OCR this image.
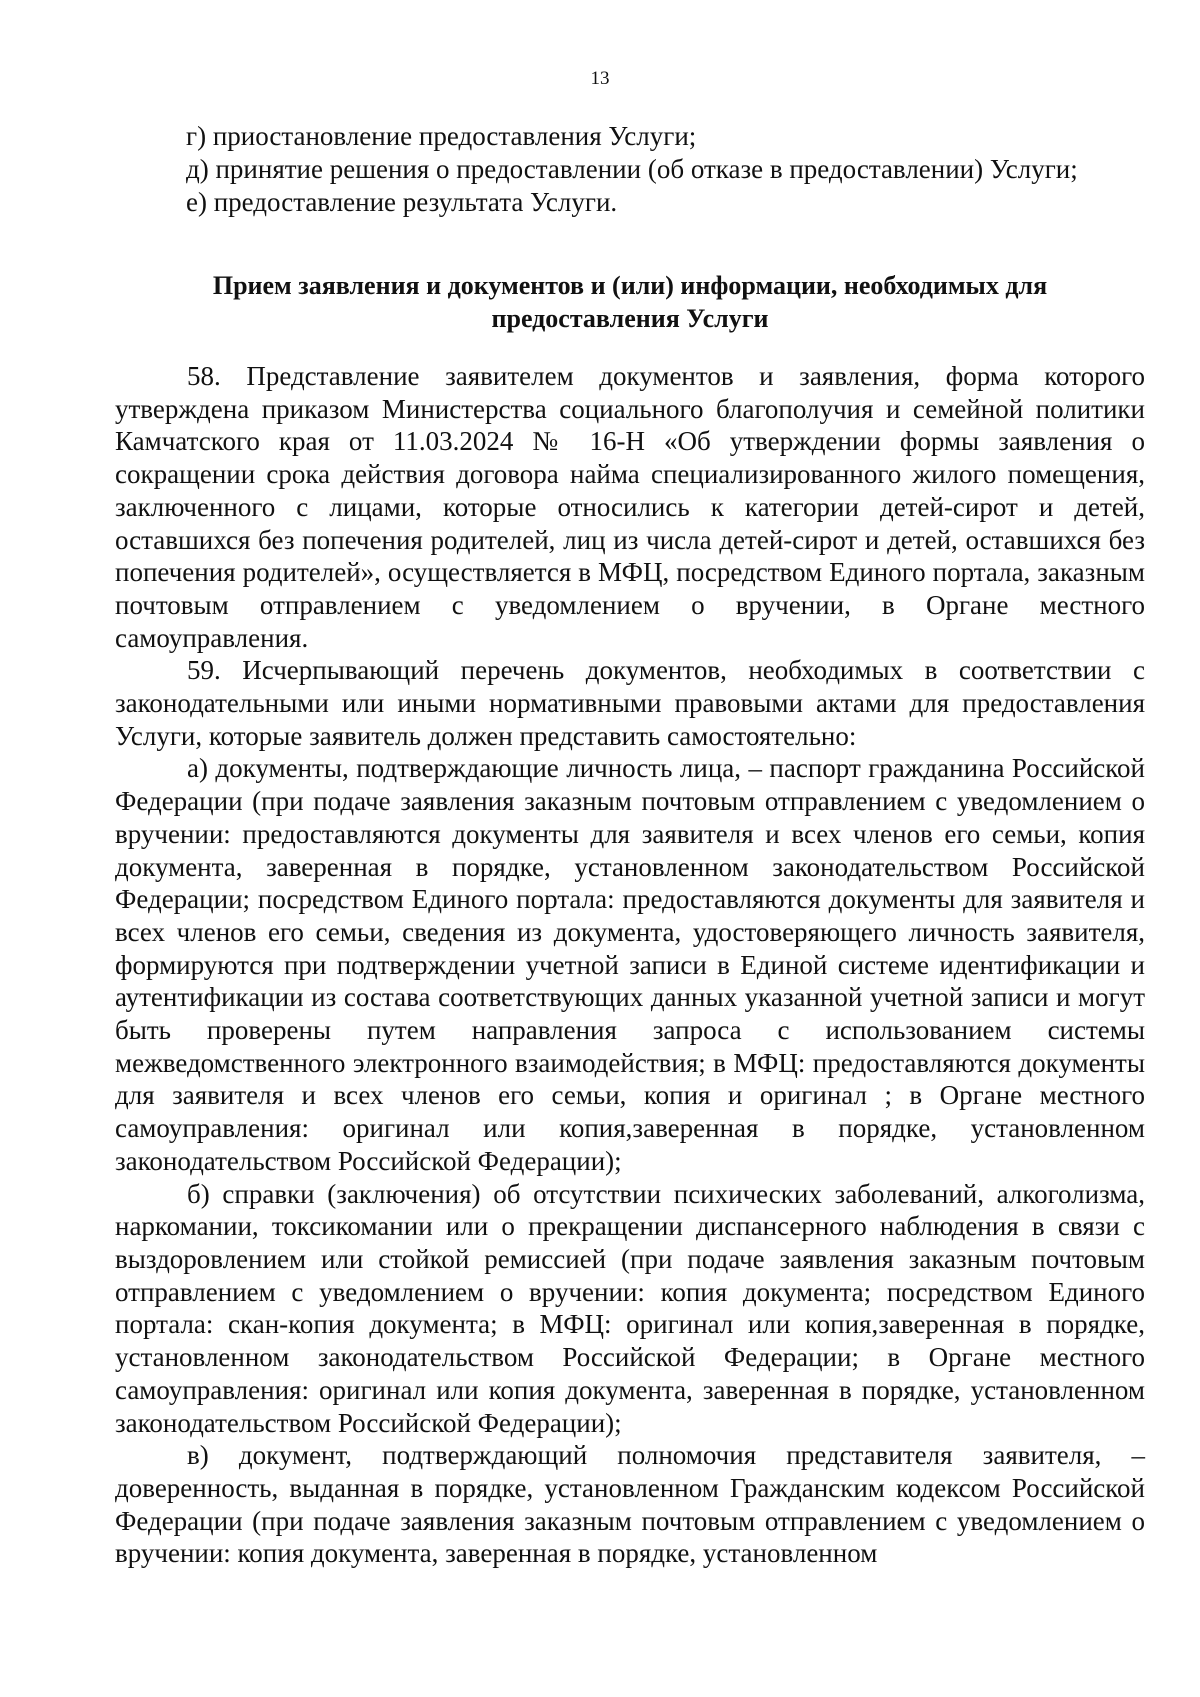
13
г) приостановление предоставления Услуги;
д) принятие решения о предоставлении (об отказе в предоставлении) Услуги;
е) предоставление результата Услуги.
Прием заявления и документов и (или) информации, необходимых для
предоставления Услуги

58. Представление заявителем документов и заявления, форма которого утверждена приказом Министерства социального благополучия и семейной политики Камчатского края от 11.03.2024 № 16-Н «Об утверждении формы заявления о сокращении срока действия договора найма специализированного жилого помещения, заключенного с лицами, которые относились к категории детей-сирот и детей, оставшихся без попечения родителей, лиц из числа детей-сирот и детей, оставшихся без попечения родителей», осуществляется в МФЦ, посредством Единого портала, заказным почтовым отправлением с уведомлением о вручении, в Органе местного самоуправления.

59. Исчерпывающий перечень документов, необходимых в соответствии с законодательными или иными нормативными правовыми актами для предоставления Услуги, которые заявитель должен представить самостоятельно:

а) документы, подтверждающие личность лица, – паспорт гражданина Российской Федерации (при подаче заявления заказным почтовым отправлением с уведомлением о вручении: предоставляются документы для заявителя и всех членов его семьи, копия документа, заверенная в порядке, установленном законодательством Российской Федерации; посредством Единого портала: предоставляются документы для заявителя и всех членов его семьи, сведения из документа, удостоверяющего личность заявителя, формируются при подтверждении учетной записи в Единой системе идентификации и аутентификации из состава соответствующих данных указанной учетной записи и могут быть проверены путем направления запроса с использованием системы межведомственного электронного взаимодействия; в МФЦ: предоставляются документы для заявителя и всех членов его семьи, копия и оригинал ; в Органе местного самоуправления: оригинал или копия,заверенная в порядке, установленном законодательством Российской Федерации);

б) справки (заключения) об отсутствии психических заболеваний, алкоголизма, наркомании, токсикомании или о прекращении диспансерного наблюдения в связи с выздоровлением или стойкой ремиссией (при подаче заявления заказным почтовым отправлением с уведомлением о вручении: копия документа; посредством Единого портала: скан-копия документа; в МФЦ: оригинал или копия,заверенная в порядке, установленном законодательством Российской Федерации; в Органе местного самоуправления: оригинал или копия документа, заверенная в порядке, установленном законодательством Российской Федерации);

в) документ, подтверждающий полномочия представителя заявителя, – доверенность, выданная в порядке, установленном Гражданским кодексом Российской Федерации (при подаче заявления заказным почтовым отправлением с уведомлением о вручении: копия документа, заверенная в порядке, установленном
